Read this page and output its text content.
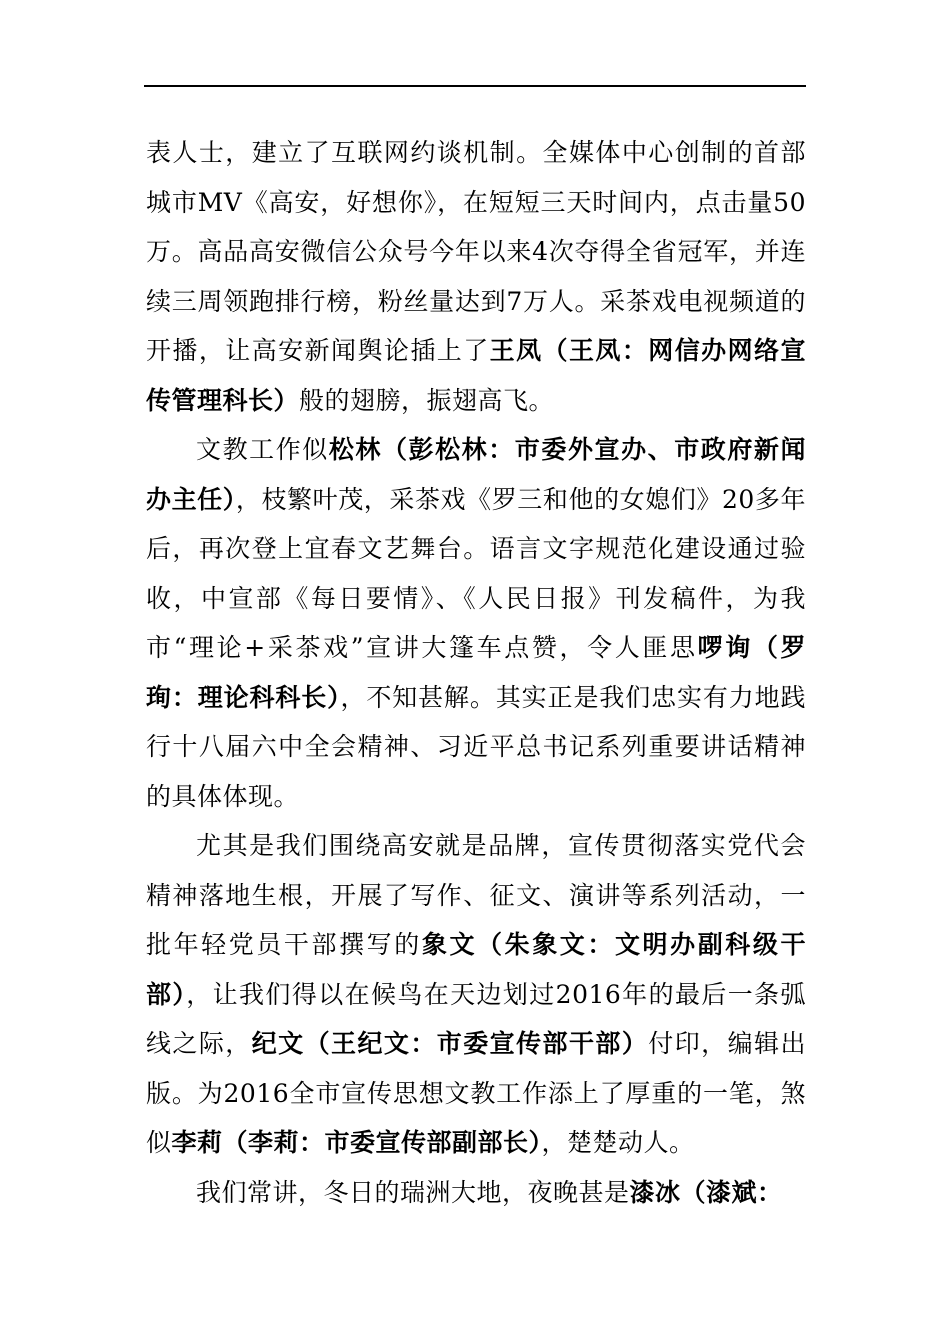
表人士，建立了互联网约谈机制。全媒体中心创制的首部城市MV《高安，好想你》，在短短三天时间内，点击量50万。高品高安微信公众号今年以来4次夺得全省冠军，并连续三周领跑排行榜，粉丝量达到7万人。采茶戏电视频道的开播，让高安新闻舆论插上了王凤（王凤：网信办网络宣传管理科长）般的翅膀，振翅高飞。

文教工作似松林（彭松林：市委外宣办、市政府新闻办主任），枝繁叶茂，采茶戏《罗三和他的女媳们》20多年后，再次登上宜春文艺舞台。语言文字规范化建设通过验收，中宣部《每日要情》、《人民日报》刊发稿件，为我市“理论+采茶戏”宣讲大篷车点赞，令人匪思啰询（罗珣：理论科科长），不知甚解。其实正是我们忠实有力地践行十八届六中全会精神、习近平总书记系列重要讲话精神的具体体现。

尤其是我们围绕高安就是品牌，宣传贯彻落实党代会精神落地生根，开展了写作、征文、演讲等系列活动，一批年轻党员干部撰写的象文（朱象文：文明办副科级干部），让我们得以在候鸟在天边划过2016年的最后一条弧线之际，纪文（王纪文：市委宣传部干部）付印，编辑出版。为2016全市宣传思想文教工作添上了厚重的一笔，煞似李莉（李莉：市委宣传部副部长），楚楚动人。

我们常讲，冬日的瑞洲大地，夜晚甚是漆冰（漆斌：
